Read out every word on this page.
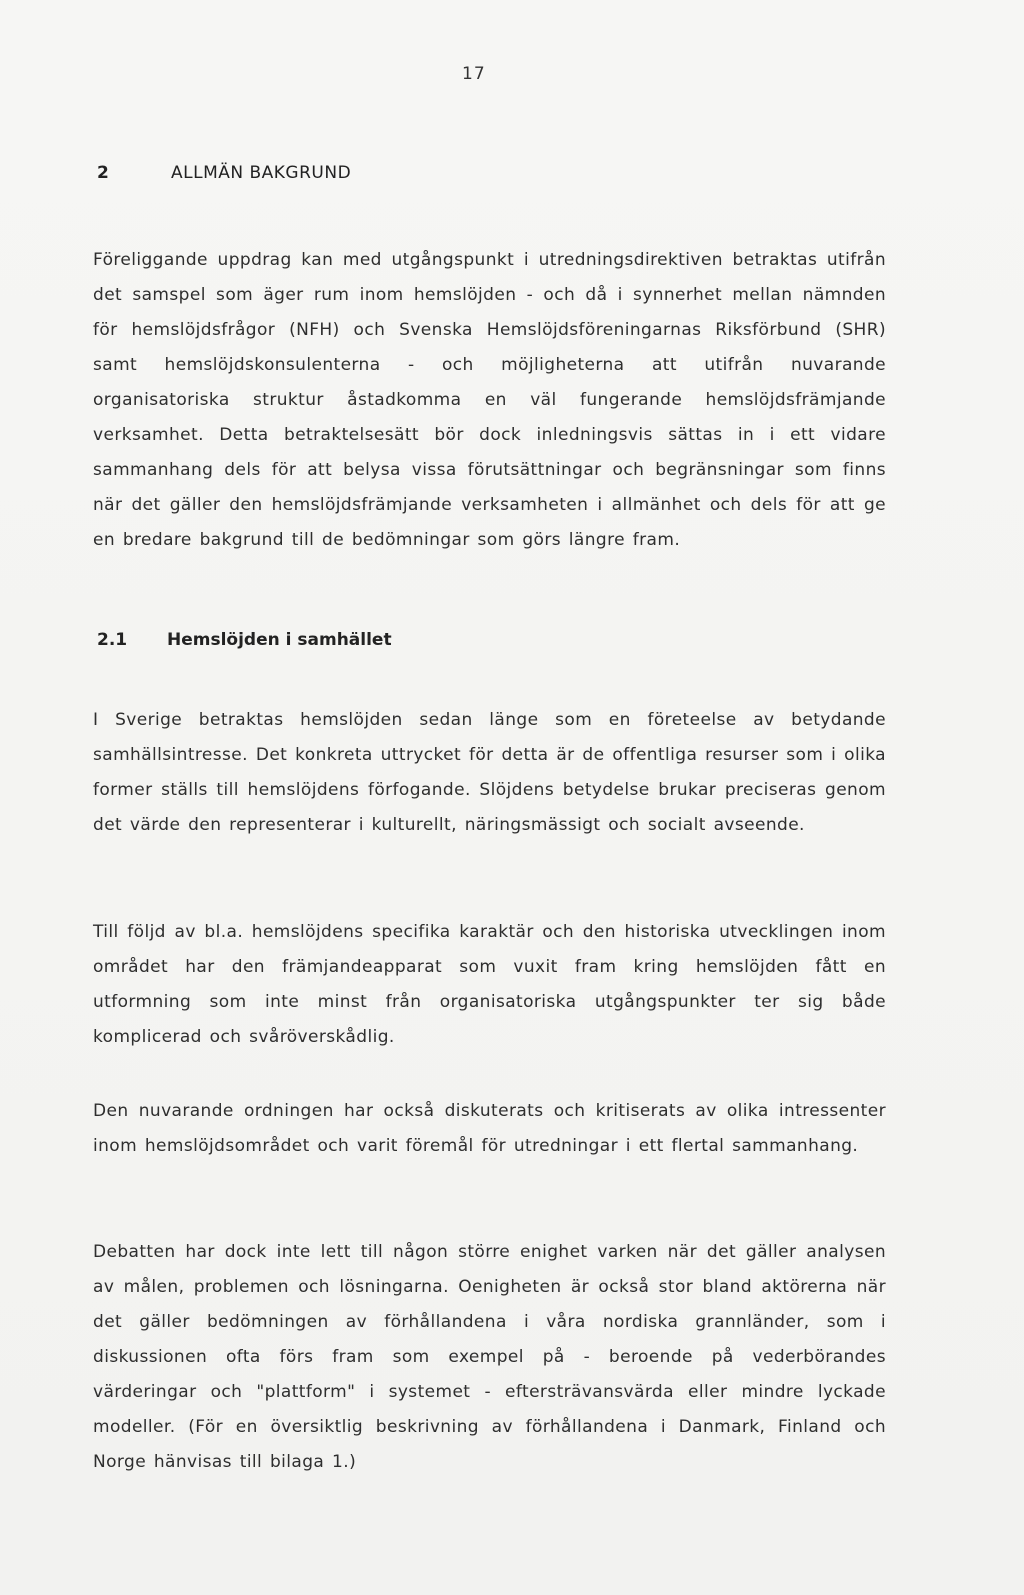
17
2	ALLMÄN BAKGRUND

Föreliggande uppdrag kan med utgångspunkt i utredningsdirektiven betraktas utifrån det samspel som äger rum inom hemslöjden - och då i synnerhet mellan nämnden för hemslöjdsfrågor (NFH) och Svenska Hemslöjdsföreningarnas Riksförbund (SHR) samt hemslöjdskonsulenterna - och möjligheterna att utifrån nuvarande organisatoriska struktur åstadkomma en väl fungerande hemslöjdsfrämjande verksamhet. Detta betraktelsesätt bör dock inledningsvis sättas in i ett vidare sammanhang dels för att belysa vissa förutsättningar och begränsningar som finns när det gäller den hemslöjdsfrämjande verksamheten i allmänhet och dels för att ge en bredare bakgrund till de bedömningar som görs längre fram.

2.1 Hemslöjden i samhället

I Sverige betraktas hemslöjden sedan länge som en företeelse av betydande samhällsintresse. Det konkreta uttrycket för detta är de offentliga resurser som i olika former ställs till hemslöjdens förfogande. Slöjdens betydelse brukar preciseras genom det värde den representerar i kulturellt, näringsmässigt och socialt avseende.

Till följd av bl.a. hemslöjdens specifika karaktär och den historiska utvecklingen inom området har den främjandeapparat som vuxit fram kring hemslöjden fått en utformning som inte minst från organisatoriska utgångspunkter ter sig både komplicerad och svåröverskådlig.

Den nuvarande ordningen har också diskuterats och kritiserats av olika intressenter inom hemslöjdsområdet och varit föremål för utredningar i ett flertal sammanhang.

Debatten har dock inte lett till någon större enighet varken när det gäller analysen av målen, problemen och lösningarna. Oenigheten är också stor bland aktörerna när det gäller bedömningen av förhållandena i våra nordiska grannländer, som i diskussionen ofta förs fram som exempel på - beroende på vederbörandes värderingar och "plattform" i systemet - eftersträvansvärda eller mindre lyckade modeller. (För en översiktlig beskrivning av förhållandena i Danmark, Finland och Norge hänvisas till bilaga 1.)
